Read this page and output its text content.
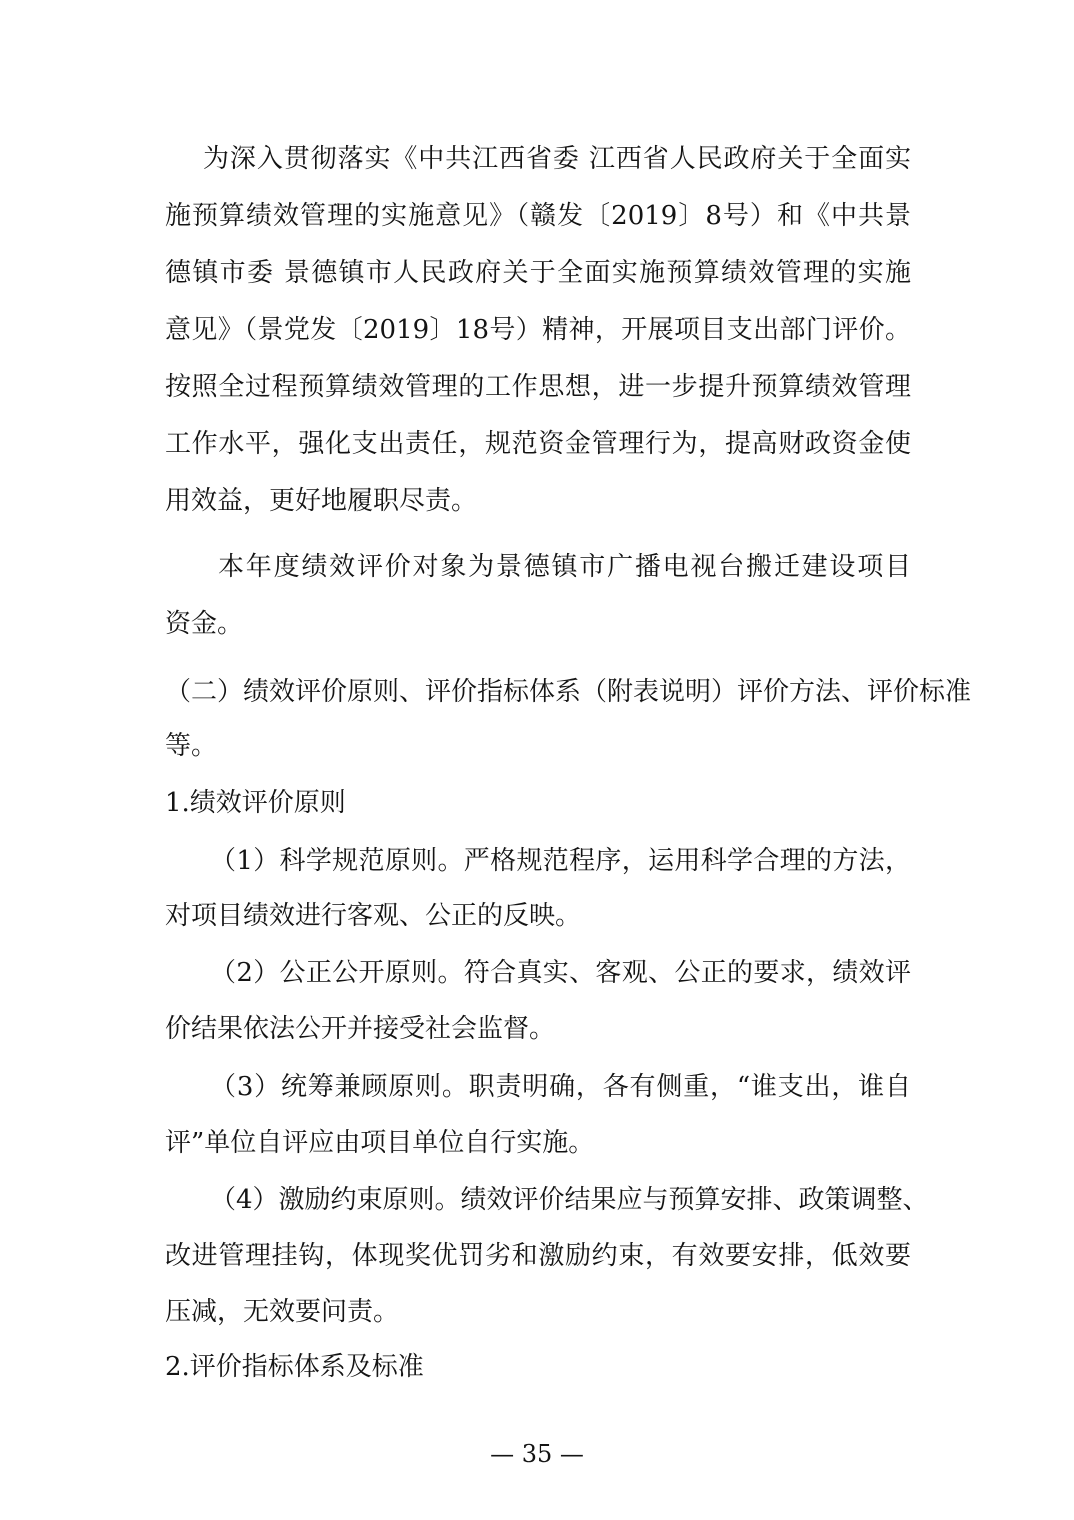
为深入贯彻落实《中共江西省委 江西省人民政府关于全面实

施预算绩效管理的实施意见》（赣发〔2019〕8号）和《中共景

德镇市委 景德镇市人民政府关于全面实施预算绩效管理的实施

意见》（景党发〔2019〕18号）精神，开展项目支出部门评价。

按照全过程预算绩效管理的工作思想，进一步提升预算绩效管理

工作水平，强化支出责任，规范资金管理行为，提高财政资金使

用效益，更好地履职尽责。

本年度绩效评价对象为景德镇市广播电视台搬迁建设项目

资金。

（二）绩效评价原则、评价指标体系（附表说明）评价方法、评价标准

等。

1.绩效评价原则

（1）科学规范原则。严格规范程序，运用科学合理的方法，

对项目绩效进行客观、公正的反映。

（2）公正公开原则。符合真实、客观、公正的要求，绩效评

价结果依法公开并接受社会监督。

（3）统筹兼顾原则。职责明确，各有侧重，“谁支出，谁自

评”单位自评应由项目单位自行实施。

（4）激励约束原则。绩效评价结果应与预算安排、政策调整、

改进管理挂钩，体现奖优罚劣和激励约束，有效要安排，低效要

压减，无效要问责。

2.评价指标体系及标准

— 35 —
